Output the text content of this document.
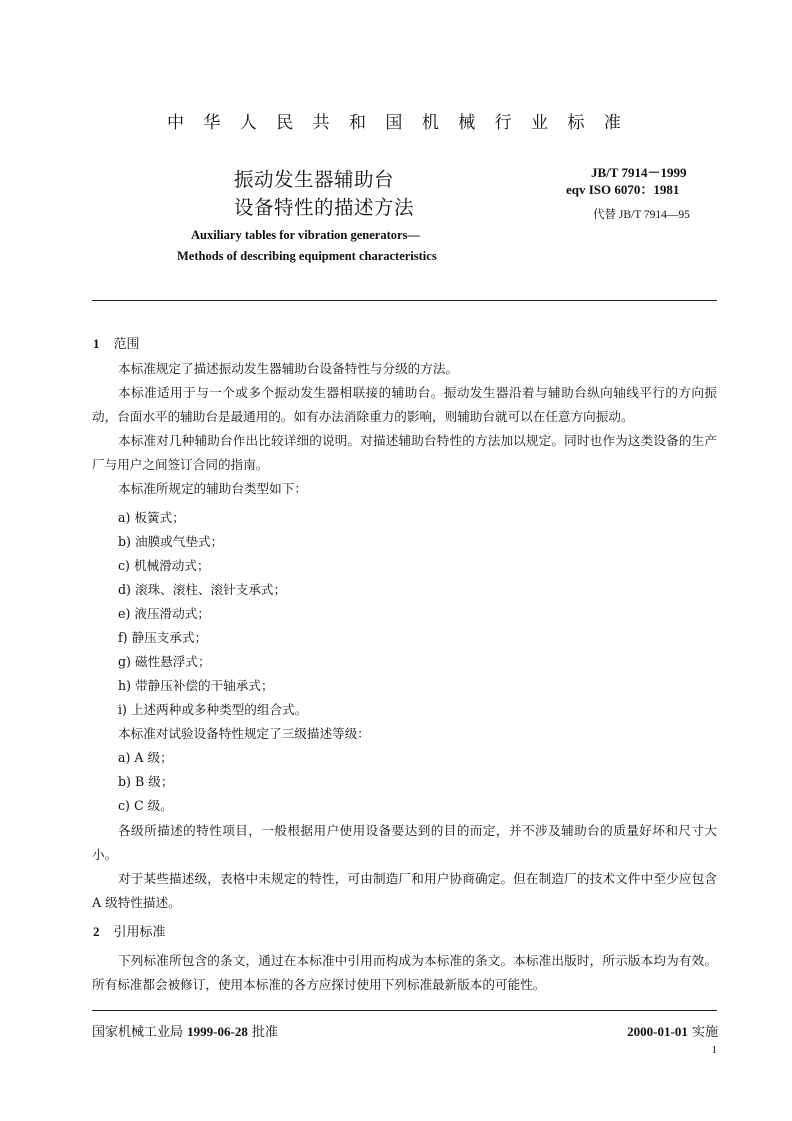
中 华 人 民 共 和 国 机 械 行 业 标 准
振动发生器辅助台
设备特性的描述方法
Auxiliary tables for vibration generators—
Methods of describing equipment characteristics
JB/T 7914－1999
eqv ISO 6070：1981
代替 JB/T 7914—95
1 范围
本标准规定了描述振动发生器辅助台设备特性与分级的方法。
本标准适用于与一个或多个振动发生器相联接的辅助台。振动发生器沿着与辅助台纵向轴线平行的方向振动，台面水平的辅助台是最通用的。如有办法消除重力的影响，则辅助台就可以在任意方向振动。
本标准对几种辅助台作出比较详细的说明。对描述辅助台特性的方法加以规定。同时也作为这类设备的生产厂与用户之间签订合同的指南。
本标准所规定的辅助台类型如下：
a) 板簧式；
b) 油膜或气垫式；
c) 机械滑动式；
d) 滚珠、滚柱、滚针支承式；
e) 液压滑动式；
f) 静压支承式；
g) 磁性悬浮式；
h) 带静压补偿的干轴承式；
i) 上述两种或多种类型的组合式。
本标准对试验设备特性规定了三级描述等级：
a) A 级；
b) B 级；
c) C 级。
各级所描述的特性项目，一般根据用户使用设备要达到的目的而定，并不涉及辅助台的质量好坏和尺寸大小。
对于某些描述级，表格中未规定的特性，可由制造厂和用户协商确定。但在制造厂的技术文件中至少应包含 A 级特性描述。
2 引用标准
下列标准所包含的条文，通过在本标准中引用而构成为本标准的条文。本标准出版时，所示版本均为有效。所有标准都会被修订，使用本标准的各方应探讨使用下列标准最新版本的可能性。
国家机械工业局 1999-06-28 批准	2000-01-01 实施
1
